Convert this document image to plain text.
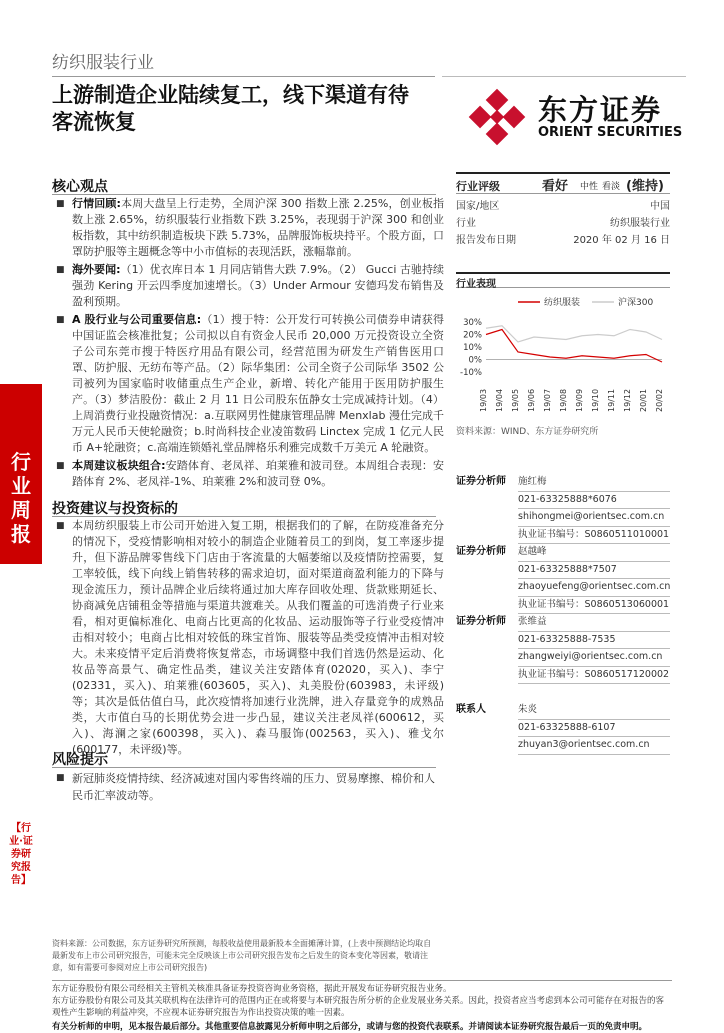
纺织服装行业
上游制造企业陆续复工，线下渠道有待
客流恢复	东方证券
ORIENT SECURITIES
行业周报
【行业·证券研究报告】
核心观点
■ 行情回顾:本周大盘呈上行走势，全周沪深 300 指数上涨 2.25%，创业板指数上涨 2.65%，纺织服装行业指数下跌 3.25%，表现弱于沪深 300 和创业板指数，其中纺织制造板块下跌 5.73%，品牌服饰板块持平。个股方面，口罩防护服等主题概念等中小市值标的表现活跃，涨幅靠前。
■ 海外要闻:（1）优衣库日本 1 月同店销售大跌 7.9%。（2） Gucci 古驰持续强劲 Kering 开云四季度加速增长。（3）Under Armour 安德玛发布销售及盈利预期。
■ A 股行业与公司重要信息:（1）搜于特：公开发行可转换公司债券申请获得中国证监会核准批复；公司拟以自有资金人民币 20,000 万元投资设立全资子公司东莞市搜于特医疗用品有限公司，经营范围为研发生产销售医用口罩、防护服、无纺布等产品。（2）际华集团：公司全资子公司际华 3502 公司被列为国家临时收储重点生产企业，新增、转化产能用于医用防护服生产。（3）梦洁股份：截止 2 月 11 日公司股东伍静女士完成减持计划。（4）上周消费行业投融资情况：a.互联网男性健康管理品牌 Menxlab 漫仕完成千万元人民币天使轮融资；b.时尚科技企业凌笛数码 Linctex 完成 1 亿元人民币 A+轮融资；c.高端连锁婚礼堂品牌格乐利雅完成数千万美元 A 轮融资。
■ 本周建议板块组合:安踏体育、老凤祥、珀莱雅和波司登。本周组合表现：安踏体育 2%、老凤祥-1%、珀莱雅 2%和波司登 0%。
投资建议与投资标的

■ 本周纺织服装上市公司开始进入复工期，根据我们的了解，在防疫准备充分的情况下，受疫情影响相对较小的制造企业随着员工的到岗，复工率逐步提升，但下游品牌零售线下门店由于客流量的大幅萎缩以及疫情防控需要，复工率较低，线下向线上销售转移的需求迫切，面对渠道商盈利能力的下降与现金流压力，预计品牌企业后续将通过加大库存回收处理、货款账期延长、协商减免店铺租金等措施与渠道共渡难关。从我们覆盖的可选消费子行业来看，相对更偏标准化、电商占比更高的化妆品、运动服饰等子行业受疫情冲击相对较小；电商占比相对较低的珠宝首饰、服装等品类受疫情冲击相对较大。未来疫情平定后消费将恢复常态，市场调整中我们首选仍然是运动、化妆品等高景气、确定性品类，建议关注安踏体育(02020，买入)、李宁(02331，买入)、珀莱雅(603605，买入)、丸美股份(603983，未评级)等；其次是低估值白马，此次疫情将加速行业洗牌，进入存量竞争的成熟品类，大市值白马的长期优势会进一步凸显，建议关注老凤祥(600612，买入)、海澜之家(600398，买入)、森马服饰(002563，买入)、雅戈尔(600177，未评级)等。

风险提示

■ 新冠肺炎疫情持续、经济减速对国内零售终端的压力、贸易摩擦、棉价和人民币汇率波动等。

行业评级	看好 中性 看淡 (维持)
国家/地区	中国
行业	纺织服装行业
报告发布日期	2020 年 02 月 16 日
行业表现
纺织服装	沪深300
30%
20%
10%
0%
-10%
19/03 19/04 19/05 19/06 19/07 19/08 19/09 19/10 19/11 19/12 20/01 20/02
资料来源：WIND、东方证券研究所
证券分析师 施红梅
021-63325888*6076
shihongmei@orientsec.com.cn
执业证书编号：S0860511010001
证券分析师 赵越峰
021-63325888*7507
zhaoyuefeng@orientsec.com.cn
执业证书编号：S0860513060001
证券分析师 张维益
021-63325888-7535
zhangweiyi@orientsec.com.cn
执业证书编号：S0860517120002
联系人	朱炎
021-63325888-6107
zhuyan3@orientsec.com.cn
资料来源：公司数据，东方证券研究所预测，每股收益使用最新股本全面摊薄计算，(上表中预测结论均取自最新发布上市公司研究报告，可能未完全反映该上市公司研究报告发布之后发生的资本变化等因素，敬请注意，如有需要可参阅对应上市公司研究报告)
东方证券股份有限公司经相关主管机关核准具备证券投资咨询业务资格，据此开展发布证券研究报告业务。
东方证券股份有限公司及其关联机构在法律许可的范围内正在或将要与本研究报告所分析的企业发展业务关系。因此，投资者应当考虑到本公司可能存在对报告的客观性产生影响的利益冲突，不应视本证券研究报告为作出投资决策的唯一因素。
有关分析师的申明，见本报告最后部分。其他重要信息披露见分析师申明之后部分，或请与您的投资代表联系。并请阅读本证券研究报告最后一页的免责申明。
